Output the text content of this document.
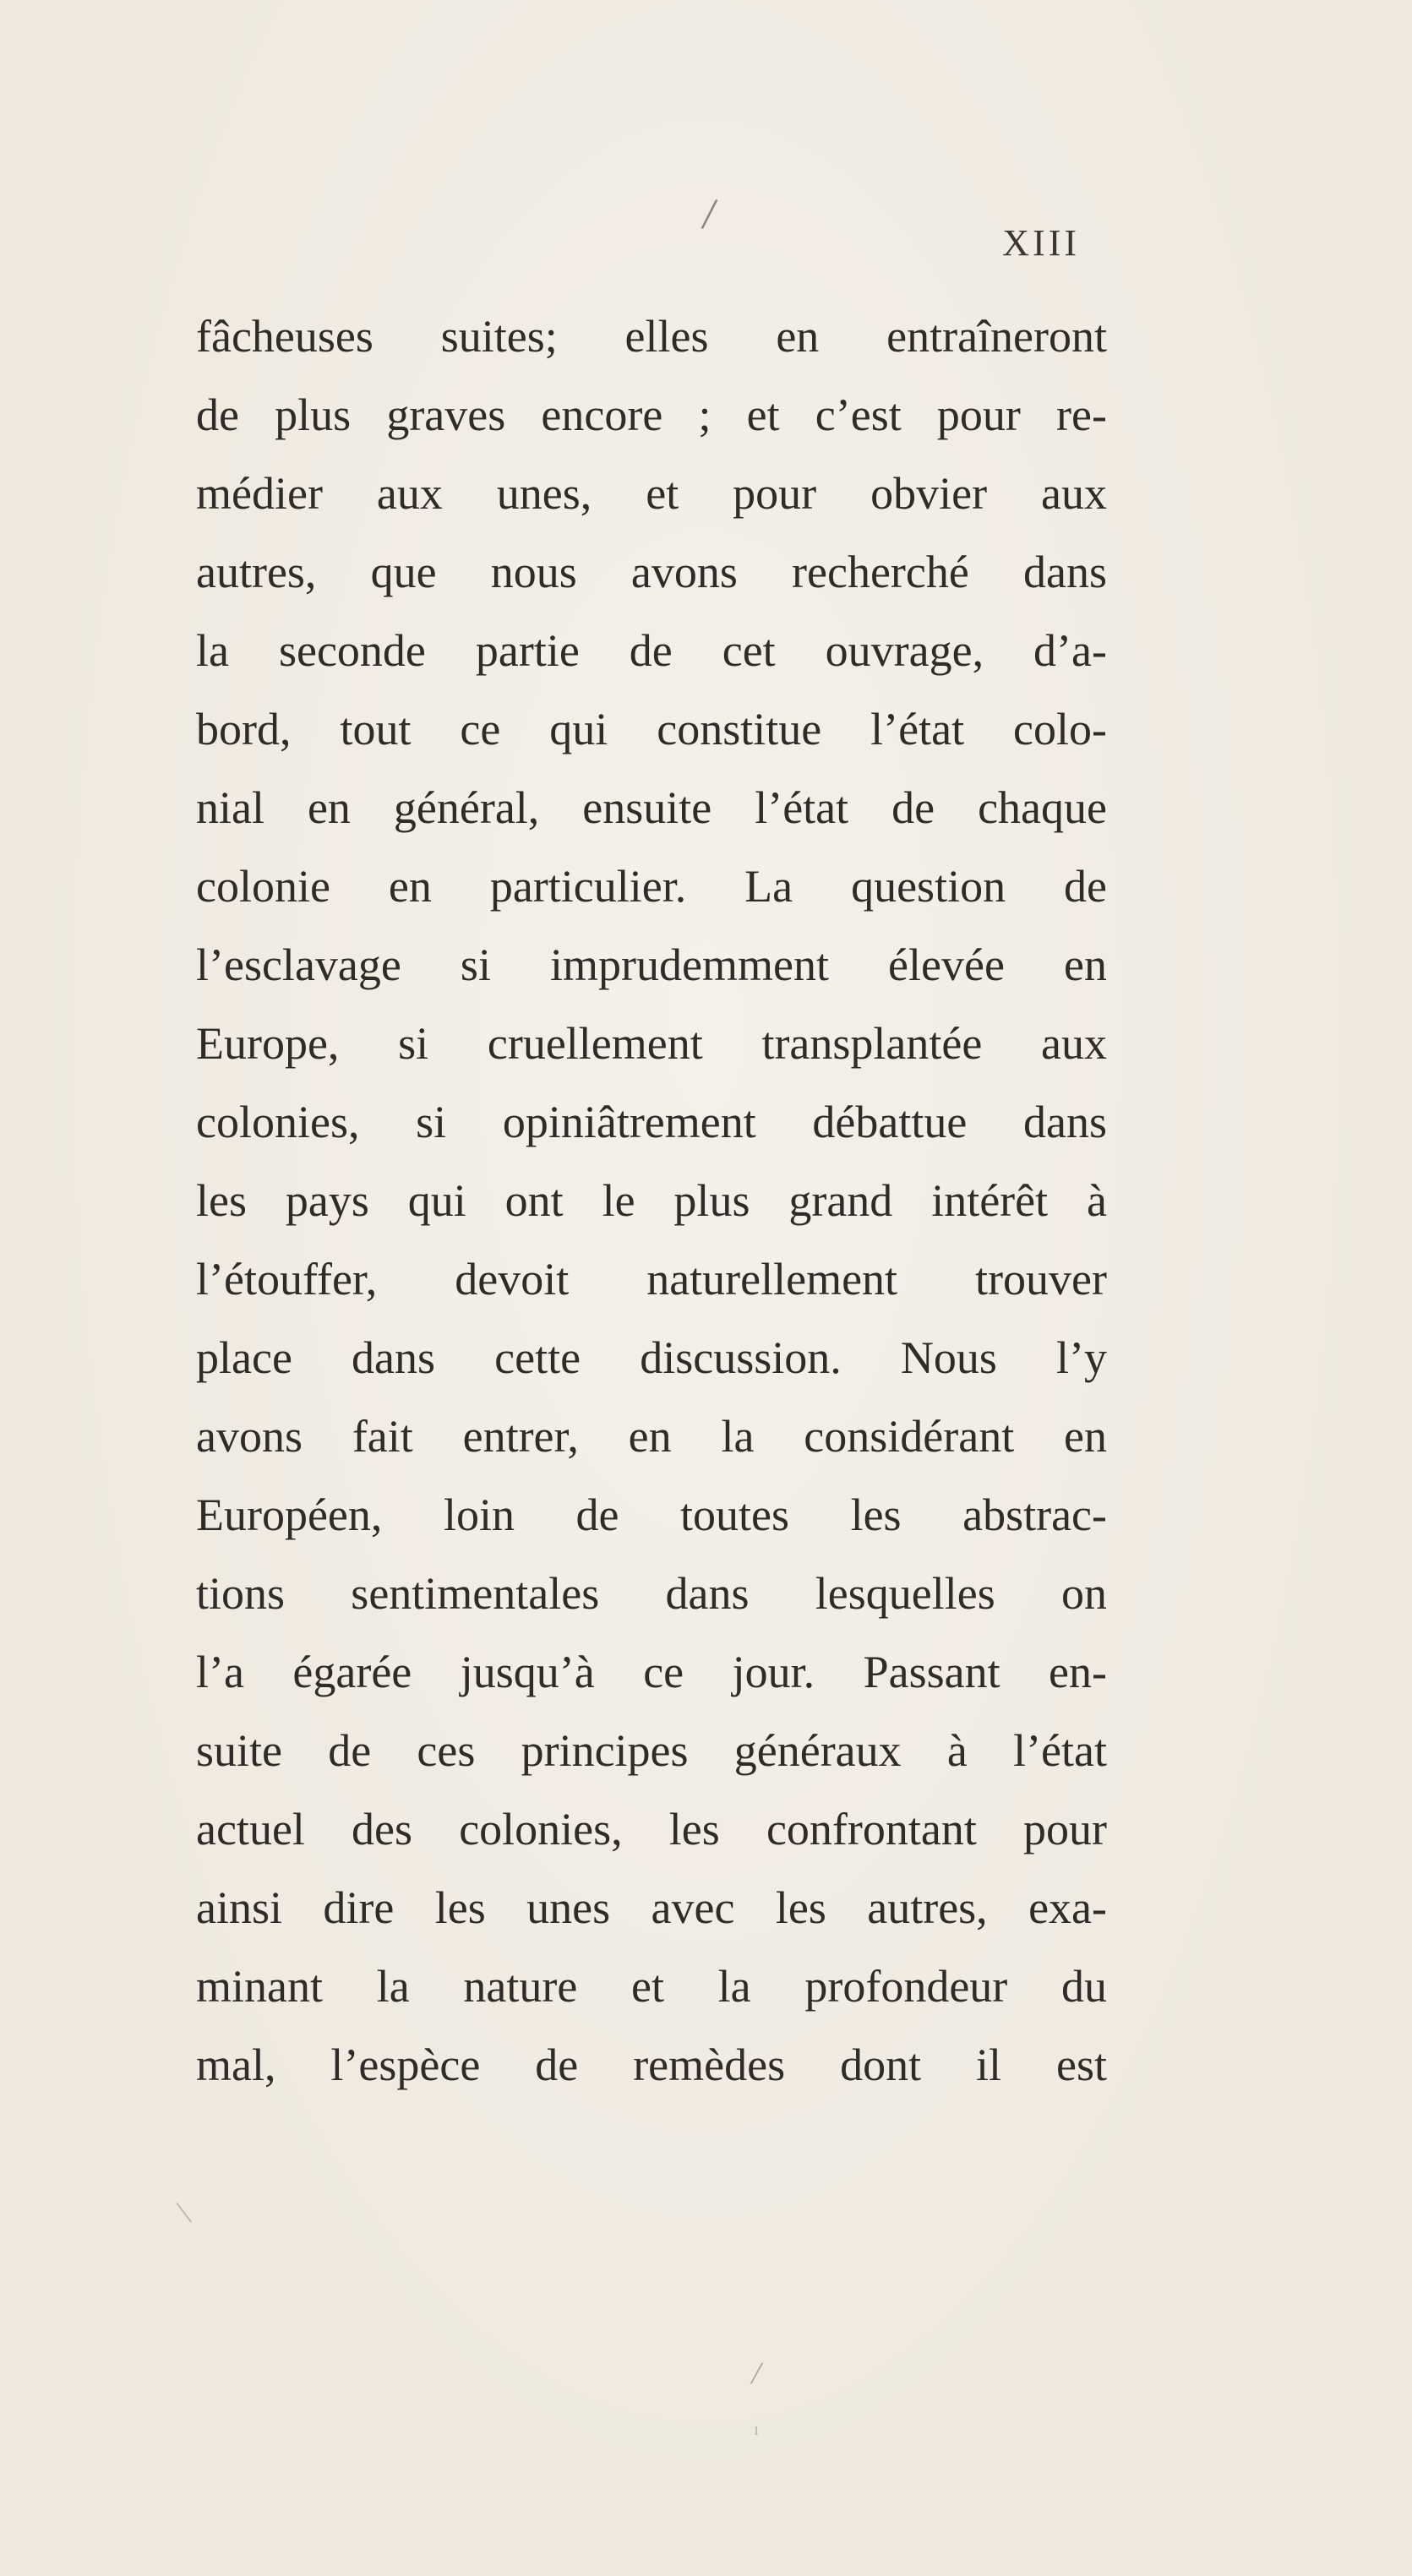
/
XIII
fâcheuses suites; elles en entraîneront
de plus graves encore ; et c’est pour re-
médier aux unes, et pour obvier aux
autres, que nous avons recherché dans
la seconde partie de cet ouvrage, d’a-
bord, tout ce qui constitue l’état colo-
nial en général, ensuite l’état de chaque
colonie en particulier. La question de
l’esclavage si imprudemment élevée en
Europe, si cruellement transplantée aux
colonies, si opiniâtrement débattue dans
les pays qui ont le plus grand intérêt à
l’étouffer, devoit naturellement trouver
place dans cette discussion. Nous l’y
avons fait entrer, en la considérant en
Européen, loin de toutes les abstrac-
tions sentimentales dans lesquelles on
l’a égarée jusqu’à ce jour. Passant en-
suite de ces principes généraux à l’état
actuel des colonies, les confrontant pour
ainsi dire les unes avec les autres, exa-
minant la nature et la profondeur du
mal, l’espèce de remèdes dont il est
\
/
ı
